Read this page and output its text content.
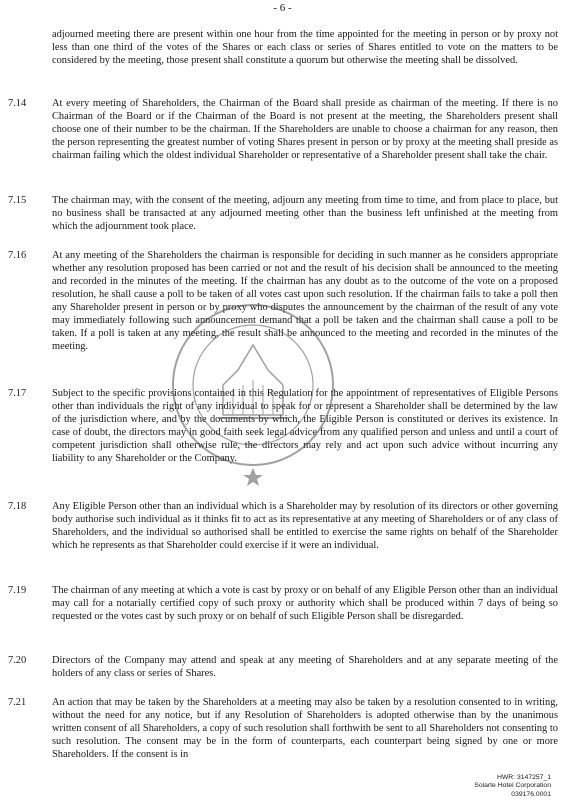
- 6 -
adjourned meeting there are present within one hour from the time appointed for the meeting in person or by proxy not less than one third of the votes of the Shares or each class or series of Shares entitled to vote on the matters to be considered by the meeting, those present shall constitute a quorum but otherwise the meeting shall be dissolved.
7.14	At every meeting of Shareholders, the Chairman of the Board shall preside as chairman of the meeting. If there is no Chairman of the Board or if the Chairman of the Board is not present at the meeting, the Shareholders present shall choose one of their number to be the chairman. If the Shareholders are unable to choose a chairman for any reason, then the person representing the greatest number of voting Shares present in person or by proxy at the meeting shall preside as chairman failing which the oldest individual Shareholder or representative of a Shareholder present shall take the chair.
7.15	The chairman may, with the consent of the meeting, adjourn any meeting from time to time, and from place to place, but no business shall be transacted at any adjourned meeting other than the business left unfinished at the meeting from which the adjournment took place.
7.16	At any meeting of the Shareholders the chairman is responsible for deciding in such manner as he considers appropriate whether any resolution proposed has been carried or not and the result of his decision shall be announced to the meeting and recorded in the minutes of the meeting. If the chairman has any doubt as to the outcome of the vote on a proposed resolution, he shall cause a poll to be taken of all votes cast upon such resolution. If the chairman fails to take a poll then any Shareholder present in person or by proxy who disputes the announcement by the chairman of the result of any vote may immediately following such announcement demand that a poll be taken and the chairman shall cause a poll to be taken. If a poll is taken at any meeting, the result shall be announced to the meeting and recorded in the minutes of the meeting.
7.17	Subject to the specific provisions contained in this Regulation for the appointment of representatives of Eligible Persons other than individuals the right of any individual to speak for or represent a Shareholder shall be determined by the law of the jurisdiction where, and by the documents by which, the Eligible Person is constituted or derives its existence. In case of doubt, the directors may in good faith seek legal advice from any qualified person and unless and until a court of competent jurisdiction shall otherwise rule, the directors may rely and act upon such advice without incurring any liability to any Shareholder or the Company.
7.18	Any Eligible Person other than an individual which is a Shareholder may by resolution of its directors or other governing body authorise such individual as it thinks fit to act as its representative at any meeting of Shareholders or of any class of Shareholders, and the individual so authorised shall be entitled to exercise the same rights on behalf of the Shareholder which he represents as that Shareholder could exercise if it were an individual.
7.19	The chairman of any meeting at which a vote is cast by proxy or on behalf of any Eligible Person other than an individual may call for a notarially certified copy of such proxy or authority which shall be produced within 7 days of being so requested or the votes cast by such proxy or on behalf of such Eligible Person shall be disregarded.
7.20	Directors of the Company may attend and speak at any meeting of Shareholders and at any separate meeting of the holders of any class or series of Shares.
7.21	An action that may be taken by the Shareholders at a meeting may also be taken by a resolution consented to in writing, without the need for any notice, but if any Resolution of Shareholders is adopted otherwise than by the unanimous written consent of all Shareholders, a copy of such resolution shall forthwith be sent to all Shareholders not consenting to such resolution. The consent may be in the form of counterparts, each counterpart being signed by one or more Shareholders. If the consent is in
HWR: 3147257_1
Solarte Hotel Corporation
039176.0001
